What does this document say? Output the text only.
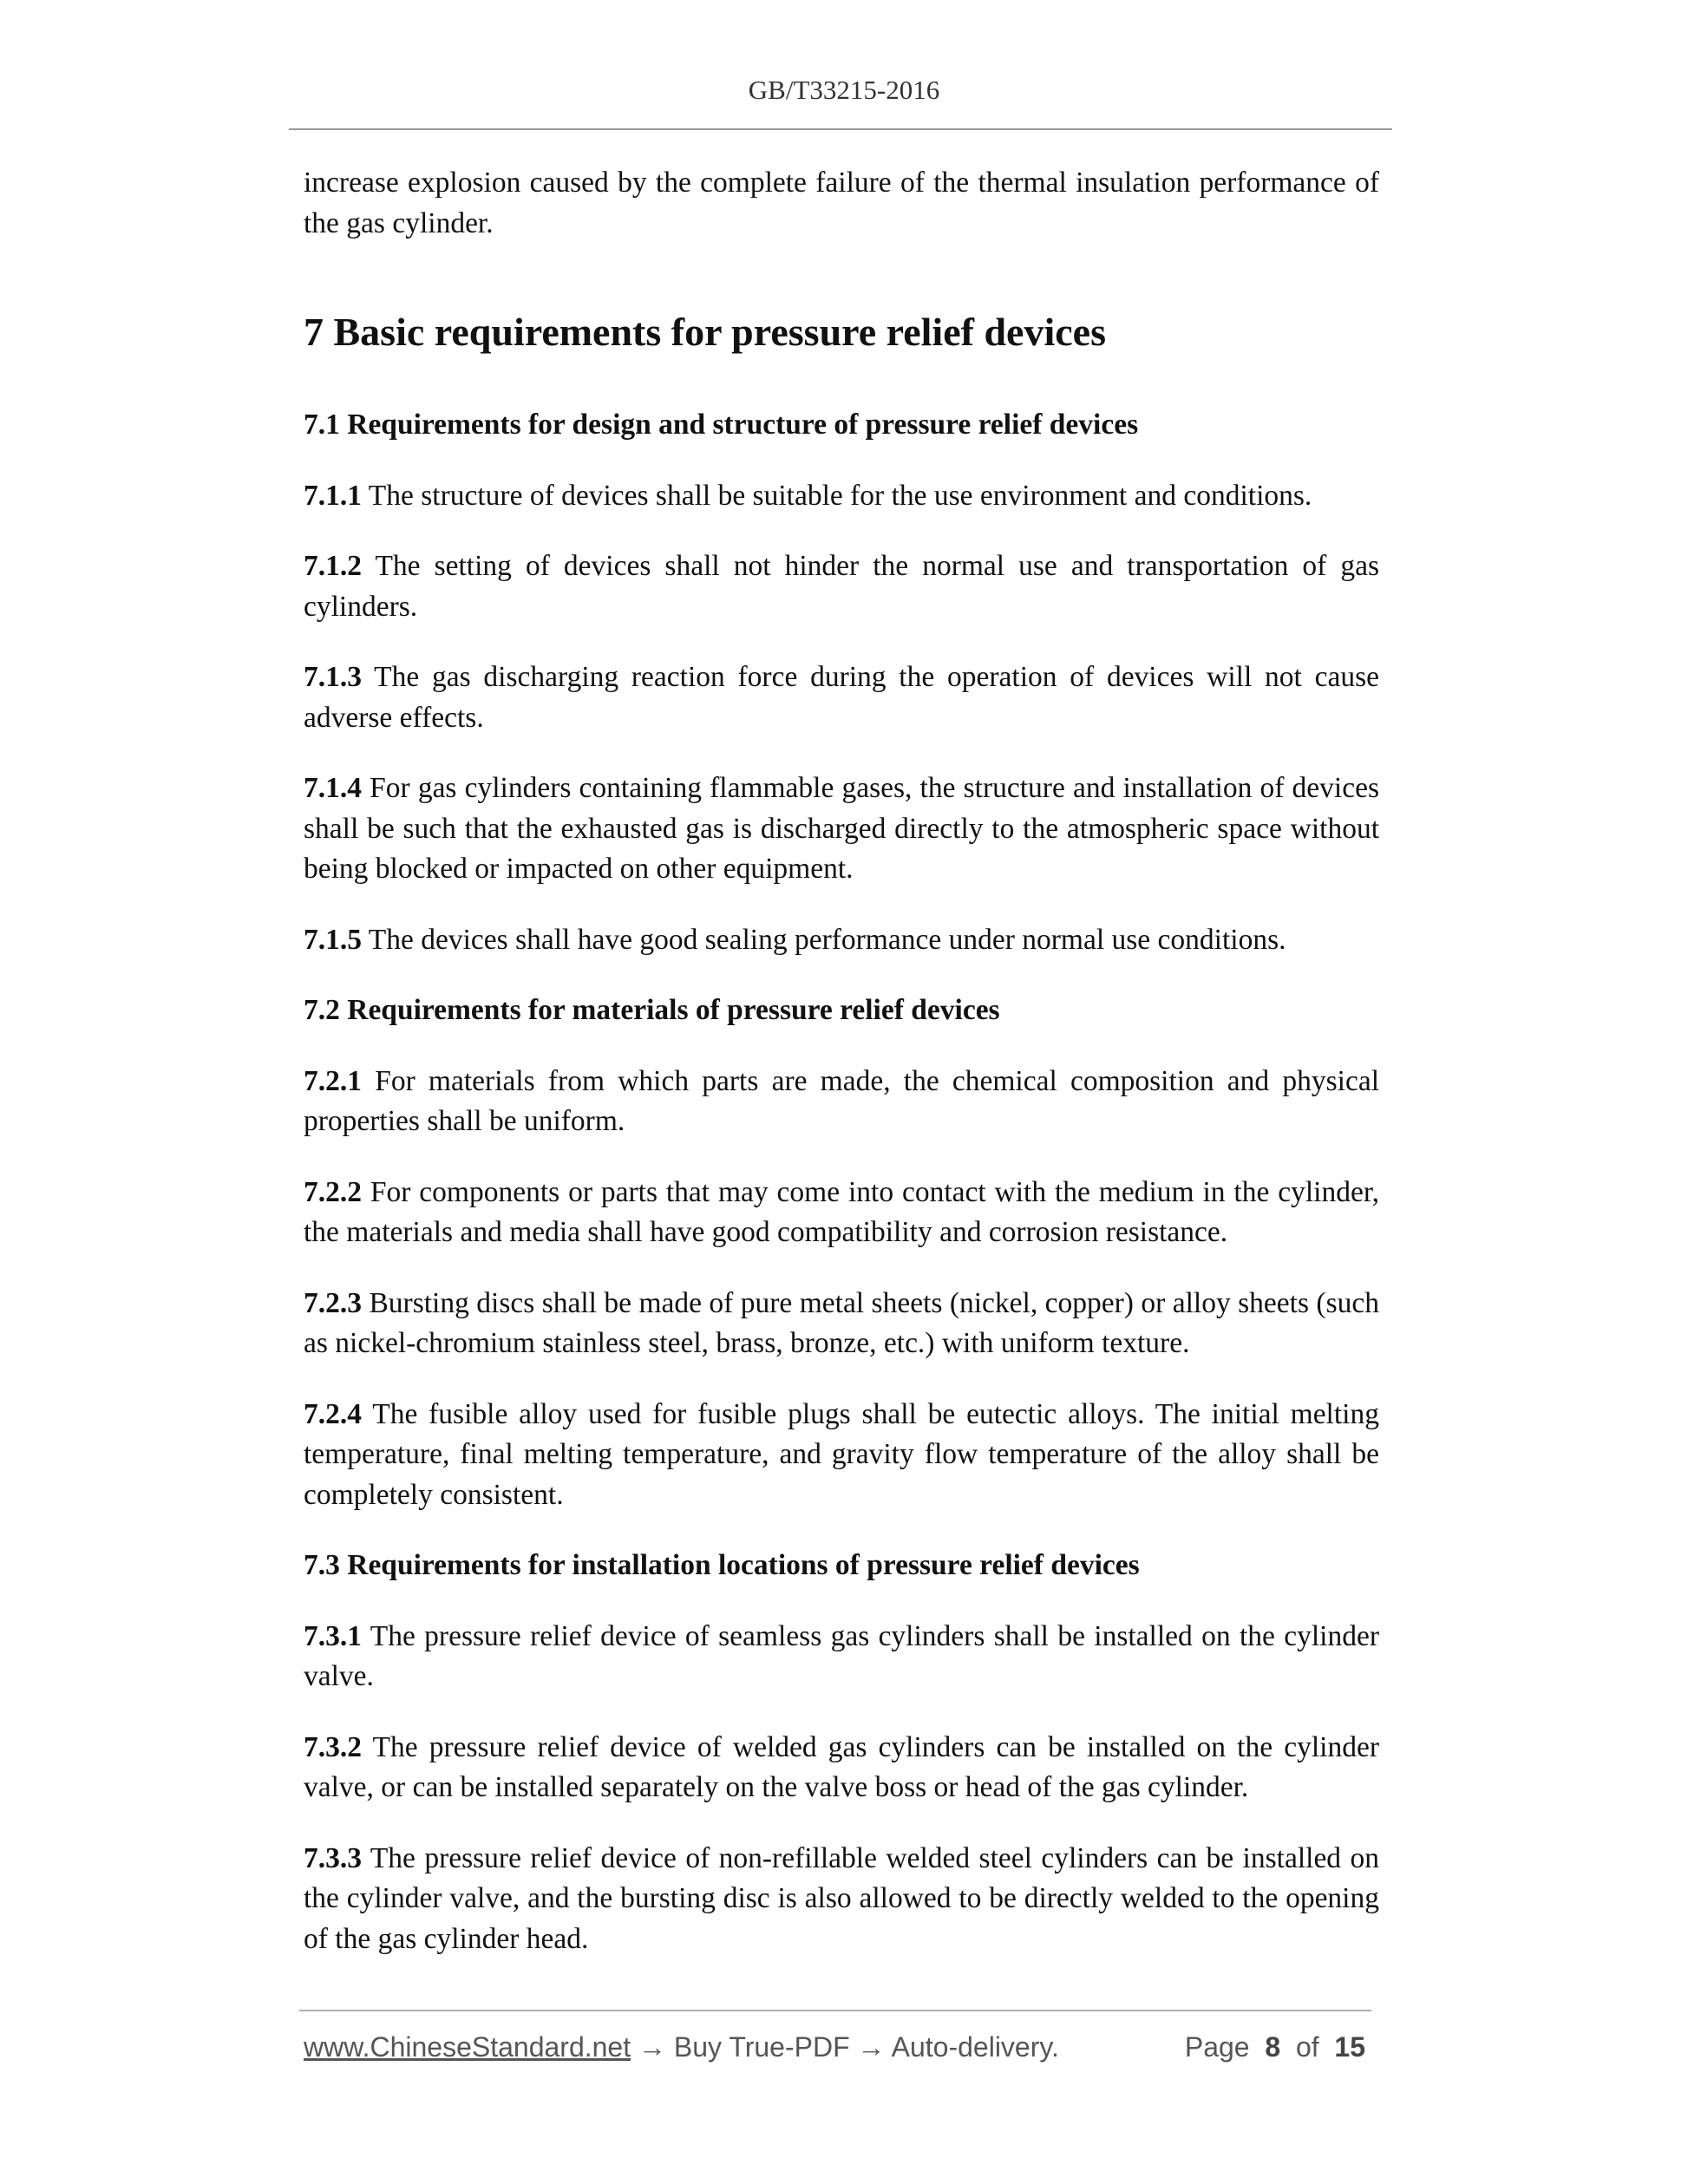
GB/T33215-2016

increase explosion caused by the complete failure of the thermal insulation performance of the gas cylinder.

7 Basic requirements for pressure relief devices
7.1 Requirements for design and structure of pressure relief devices

7.1.1 The structure of devices shall be suitable for the use environment and conditions.

7.1.2 The setting of devices shall not hinder the normal use and transportation of gas cylinders.

7.1.3 The gas discharging reaction force during the operation of devices will not cause adverse effects.

7.1.4 For gas cylinders containing flammable gases, the structure and installation of devices shall be such that the exhausted gas is discharged directly to the atmospheric space without being blocked or impacted on other equipment.

7.1.5 The devices shall have good sealing performance under normal use conditions.

7.2 Requirements for materials of pressure relief devices

7.2.1 For materials from which parts are made, the chemical composition and physical properties shall be uniform.

7.2.2 For components or parts that may come into contact with the medium in the cylinder, the materials and media shall have good compatibility and corrosion resistance.

7.2.3 Bursting discs shall be made of pure metal sheets (nickel, copper) or alloy sheets (such as nickel-chromium stainless steel, brass, bronze, etc.) with uniform texture.

7.2.4 The fusible alloy used for fusible plugs shall be eutectic alloys. The initial melting temperature, final melting temperature, and gravity flow temperature of the alloy shall be completely consistent.

7.3 Requirements for installation locations of pressure relief devices

7.3.1 The pressure relief device of seamless gas cylinders shall be installed on the cylinder valve.

7.3.2 The pressure relief device of welded gas cylinders can be installed on the cylinder valve, or can be installed separately on the valve boss or head of the gas cylinder.

7.3.3 The pressure relief device of non-refillable welded steel cylinders can be installed on the cylinder valve, and the bursting disc is also allowed to be directly welded to the opening of the gas cylinder head.

www.ChineseStandard.net → Buy True-PDF → Auto-delivery.	Page 8 of 15
